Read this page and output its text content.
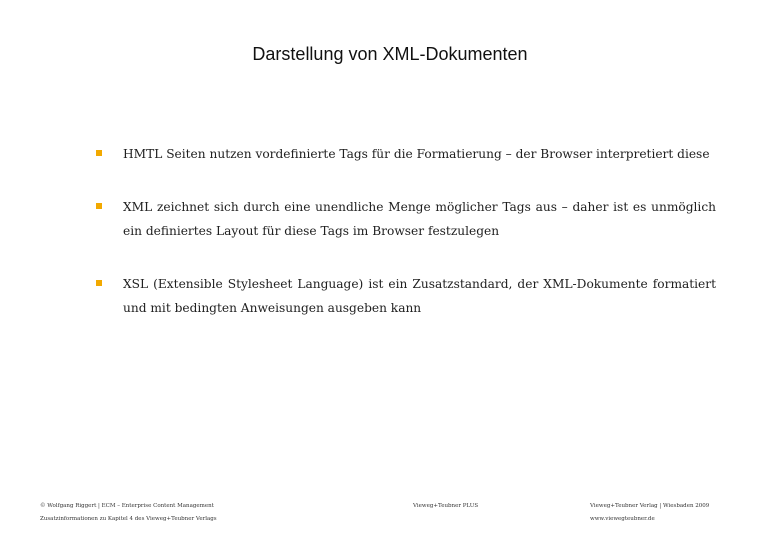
Darstellung von XML-Dokumenten
HMTL Seiten nutzen vordefinierte Tags für die Formatierung – der Browser interpretiert diese
XML zeichnet sich durch eine unendliche Menge möglicher Tags aus – daher ist es unmöglich ein definiertes Layout für diese Tags im Browser festzulegen
XSL (Extensible Stylesheet Language) ist ein Zusatzstandard, der XML-Dokumente formatiert und mit bedingten Anweisungen ausgeben kann
© Wolfgang Riggert | ECM – Enterprise Content Management
Zusatzinformationen zu Kapitel 4 des Vieweg+Teubner Verlags
Vieweg+Teubner PLUS	Vieweg+Teubner Verlag | Wiesbaden 2009
www.viewegteubner.de
